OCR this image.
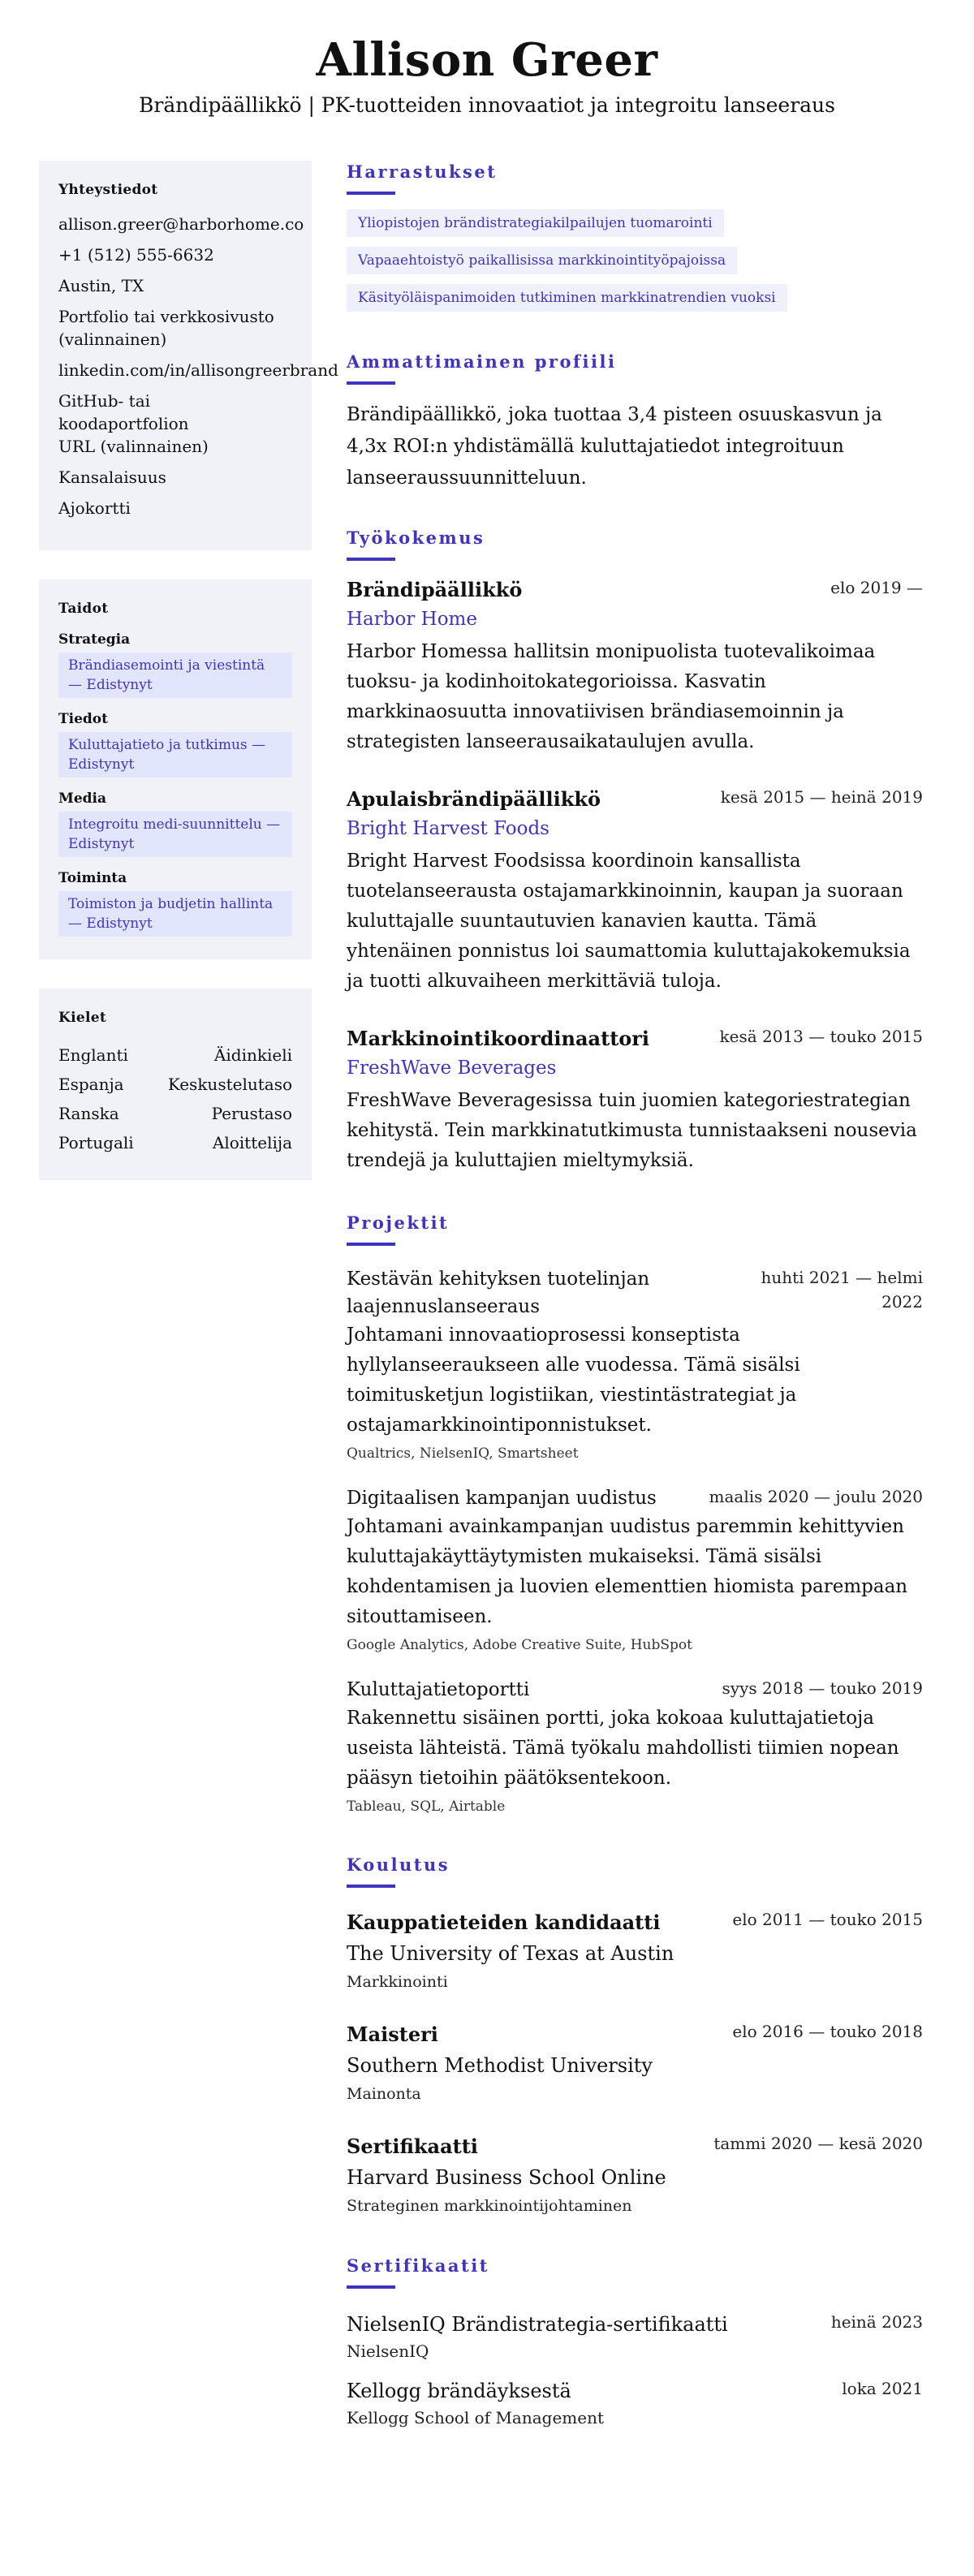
Allison Greer
Brändipäällikkö | PK-tuotteiden innovaatiot ja integroitu lanseeraus
Yhteystiedot
allison.greer@harborhome.co
+1 (512) 555-6632
Austin, TX
Portfolio tai verkkosivusto (valinnainen)
linkedin.com/in/allisongreerbrand
GitHub- tai koodaportfolion URL (valinnainen)
Kansalaisuus
Ajokortti
Taidot
Strategia
Brändiasemointi ja viestintä — Edistynyt
Tiedot
Kuluttajatieto ja tutkimus — Edistynyt
Media
Integroitu medi-suunnittelu — Edistynyt
Toiminta
Toimiston ja budjetin hallinta — Edistynyt
Kielet
Englanti	Äidinkieli
Espanja	Keskustelutaso
Ranska	Perustaso
Portugali	Aloittelija
Harrastukset
Yliopistojen brändistrategiakilpailujen tuomarointi
Vapaaehtoistyö paikallisissa markkinointityöpajoissa
Käsityöläispanimoiden tutkiminen markkinatrendien vuoksi
Ammattimainen profiili

Brändipäällikkö, joka tuottaa 3,4 pisteen osuuskasvun ja 4,3x ROI:n yhdistämällä kuluttajatiedot integroituun lanseeraussuunnitteluun.

Työkokemus
Brändipäällikkö	elo 2019 —
Harbor Home

Harbor Homessa hallitsin monipuolista tuotevalikoimaa tuoksu- ja kodinhoitokategorioissa. Kasvatin markkinaosuutta innovatiivisen brändiasemoinnin ja strategisten lanseerausaikataulujen avulla.

Apulaisbrändipäällikkö	kesä 2015 — heinä 2019
Bright Harvest Foods

Bright Harvest Foodsissa koordinoin kansallista tuotelanseerausta ostajamarkkinoinnin, kaupan ja suoraan kuluttajalle suuntautuvien kanavien kautta. Tämä yhtenäinen ponnistus loi saumattomia kuluttajakokemuksia ja tuotti alkuvaiheen merkittäviä tuloja.

Markkinointikoordinaattori	kesä 2013 — touko 2015
FreshWave Beverages

FreshWave Beveragesissa tuin juomien kategoriestrategian kehitystä. Tein markkinatutkimusta tunnistaakseni nousevia trendejä ja kuluttajien mieltymyksiä.

Projektit
Kestävän kehityksen tuotelinjan laajennuslanseeraus
huhti 2021 — helmi 2022

Johtamani innovaatioprosessi konseptista hyllylanseeraukseen alle vuodessa. Tämä sisälsi toimitusketjun logistiikan, viestintästrategiat ja ostajamarkkinointiponnistukset.

Qualtrics, NielsenIQ, Smartsheet
Digitaalisen kampanjan uudistus	maalis 2020 — joulu 2020

Johtamani avainkampanjan uudistus paremmin kehittyvien kuluttajakäyttäytymisten mukaiseksi. Tämä sisälsi kohdentamisen ja luovien elementtien hiomista parempaan sitouttamiseen.

Google Analytics, Adobe Creative Suite, HubSpot
Kuluttajatietoportti	syys 2018 — touko 2019

Rakennettu sisäinen portti, joka kokoaa kuluttajatietoja useista lähteistä. Tämä työkalu mahdollisti tiimien nopean pääsyn tietoihin päätöksentekoon.

Tableau, SQL, Airtable
Koulutus
Kauppatieteiden kandidaatti	elo 2011 — touko 2015
The University of Texas at Austin
Markkinointi
Maisteri	elo 2016 — touko 2018
Southern Methodist University
Mainonta
Sertifikaatti	tammi 2020 — kesä 2020
Harvard Business School Online
Strateginen markkinointijohtaminen
Sertifikaatit
NielsenIQ Brändistrategia-sertifikaatti	heinä 2023
NielsenIQ
Kellogg brändäyksestä	loka 2021
Kellogg School of Management
